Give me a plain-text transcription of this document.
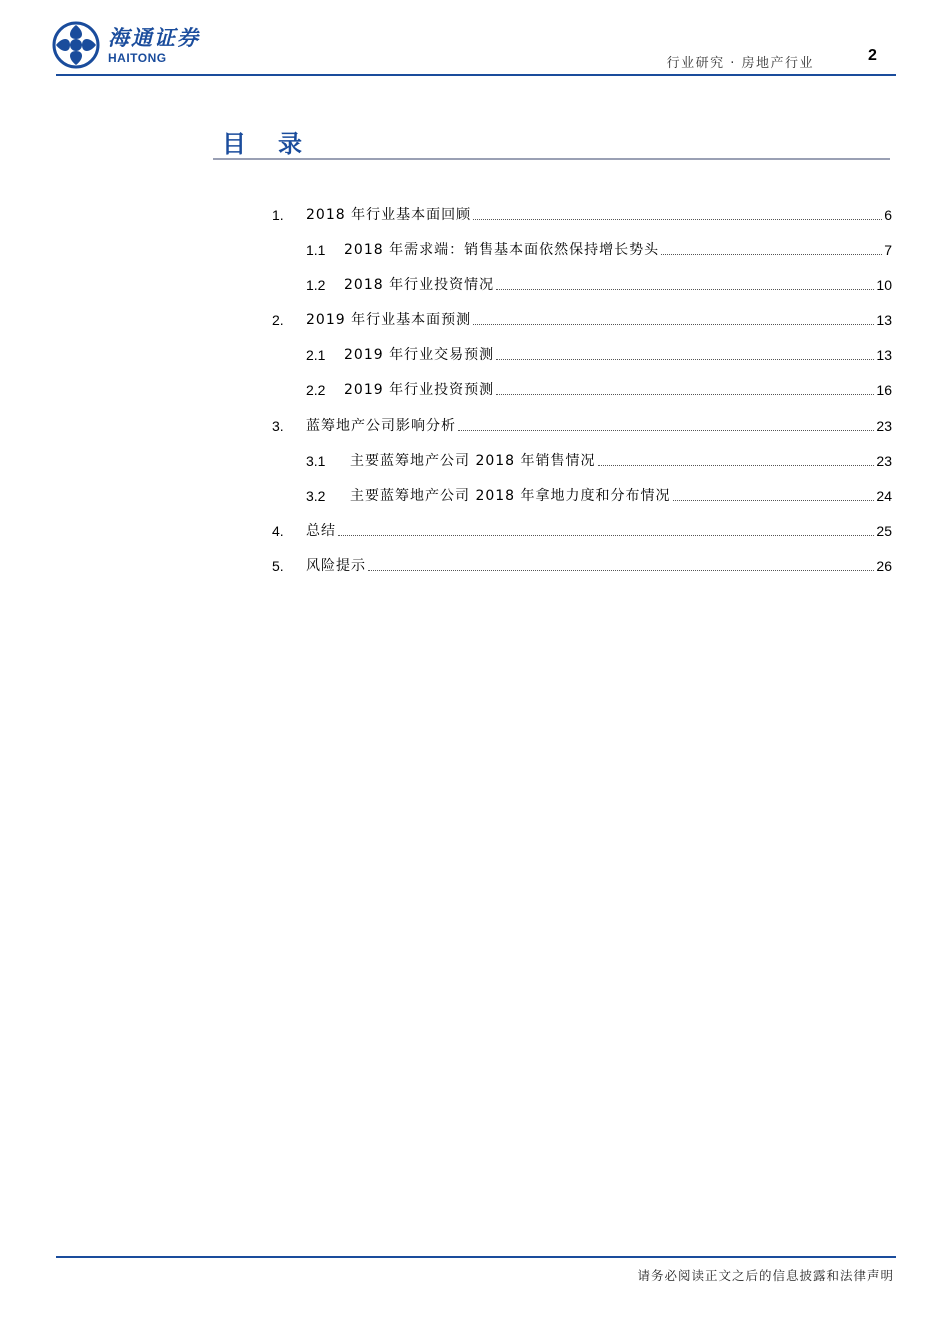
海通证券
HAITONG	行业研究 · 房地产行业	2
目录
1.	2018 年行业基本面回顾	6
1.1	2018 年需求端：销售基本面依然保持增长势头	7
1.2	2018 年行业投资情况	10
2.	2019 年行业基本面预测	13
2.1	2019 年行业交易预测	13
2.2	2019 年行业投资预测	16
3.	蓝筹地产公司影响分析	23
3.1	主要蓝筹地产公司 2018 年销售情况	23
3.2	主要蓝筹地产公司 2018 年拿地力度和分布情况	24
4.	总结	25
5.	风险提示	26
请务必阅读正文之后的信息披露和法律声明
